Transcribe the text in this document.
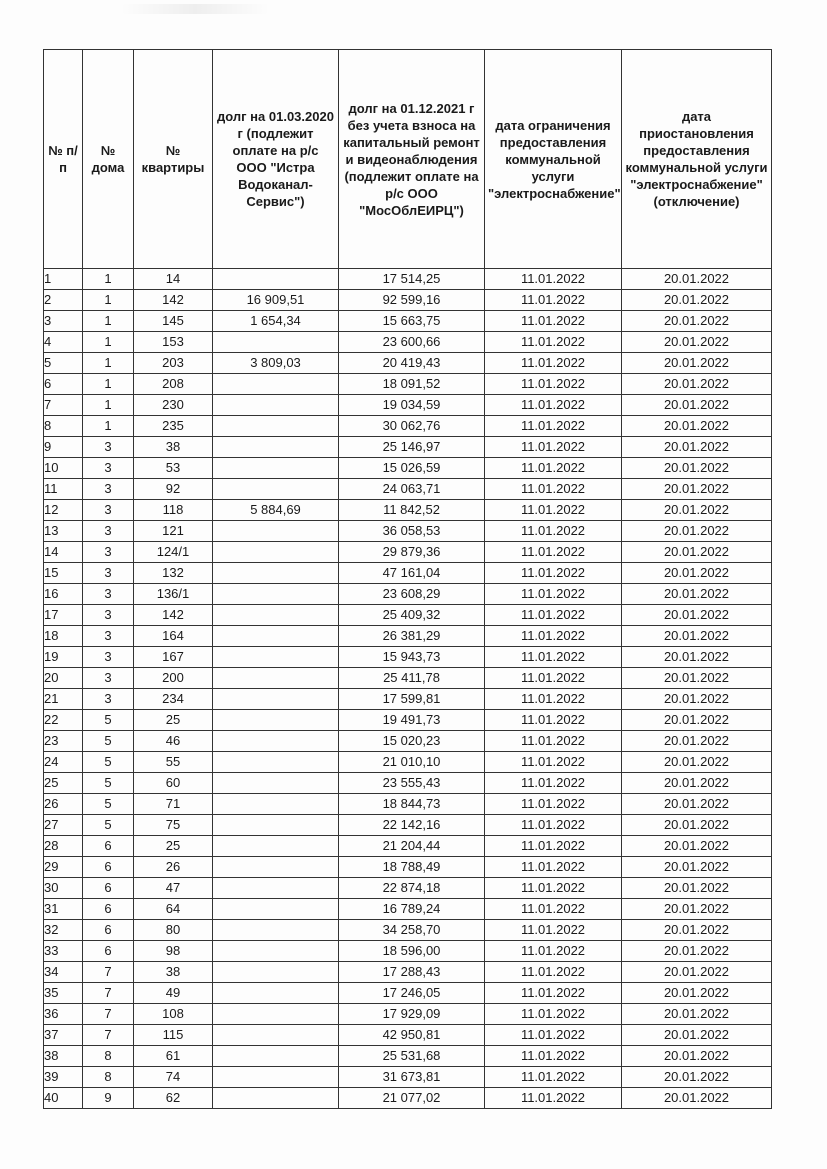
№ п/п	№ дома	№ квартиры	долг на 01.03.2020 г (подлежит оплате на р/с ООО "Истра Водоканал-Сервис")	долг на 01.12.2021 г без учета взноса на капитальный ремонт и видеонаблюдения (подлежит оплате на р/с ООО "МосОблЕИРЦ")	дата ограничения предоставления коммунальной услуги "электроснабжение"	дата приостановления предоставления коммунальной услуги "электроснабжение" (отключение)
1	1	14		17 514,25	11.01.2022	20.01.2022
2	1	142	16 909,51	92 599,16	11.01.2022	20.01.2022
3	1	145	1 654,34	15 663,75	11.01.2022	20.01.2022
4	1	153		23 600,66	11.01.2022	20.01.2022
5	1	203	3 809,03	20 419,43	11.01.2022	20.01.2022
6	1	208		18 091,52	11.01.2022	20.01.2022
7	1	230		19 034,59	11.01.2022	20.01.2022
8	1	235		30 062,76	11.01.2022	20.01.2022
9	3	38		25 146,97	11.01.2022	20.01.2022
10	3	53		15 026,59	11.01.2022	20.01.2022
11	3	92		24 063,71	11.01.2022	20.01.2022
12	3	118	5 884,69	11 842,52	11.01.2022	20.01.2022
13	3	121		36 058,53	11.01.2022	20.01.2022
14	3	124/1		29 879,36	11.01.2022	20.01.2022
15	3	132		47 161,04	11.01.2022	20.01.2022
16	3	136/1		23 608,29	11.01.2022	20.01.2022
17	3	142		25 409,32	11.01.2022	20.01.2022
18	3	164		26 381,29	11.01.2022	20.01.2022
19	3	167		15 943,73	11.01.2022	20.01.2022
20	3	200		25 411,78	11.01.2022	20.01.2022
21	3	234		17 599,81	11.01.2022	20.01.2022
22	5	25		19 491,73	11.01.2022	20.01.2022
23	5	46		15 020,23	11.01.2022	20.01.2022
24	5	55		21 010,10	11.01.2022	20.01.2022
25	5	60		23 555,43	11.01.2022	20.01.2022
26	5	71		18 844,73	11.01.2022	20.01.2022
27	5	75		22 142,16	11.01.2022	20.01.2022
28	6	25		21 204,44	11.01.2022	20.01.2022
29	6	26		18 788,49	11.01.2022	20.01.2022
30	6	47		22 874,18	11.01.2022	20.01.2022
31	6	64		16 789,24	11.01.2022	20.01.2022
32	6	80		34 258,70	11.01.2022	20.01.2022
33	6	98		18 596,00	11.01.2022	20.01.2022
34	7	38		17 288,43	11.01.2022	20.01.2022
35	7	49		17 246,05	11.01.2022	20.01.2022
36	7	108		17 929,09	11.01.2022	20.01.2022
37	7	115		42 950,81	11.01.2022	20.01.2022
38	8	61		25 531,68	11.01.2022	20.01.2022
39	8	74		31 673,81	11.01.2022	20.01.2022
40	9	62		21 077,02	11.01.2022	20.01.2022
